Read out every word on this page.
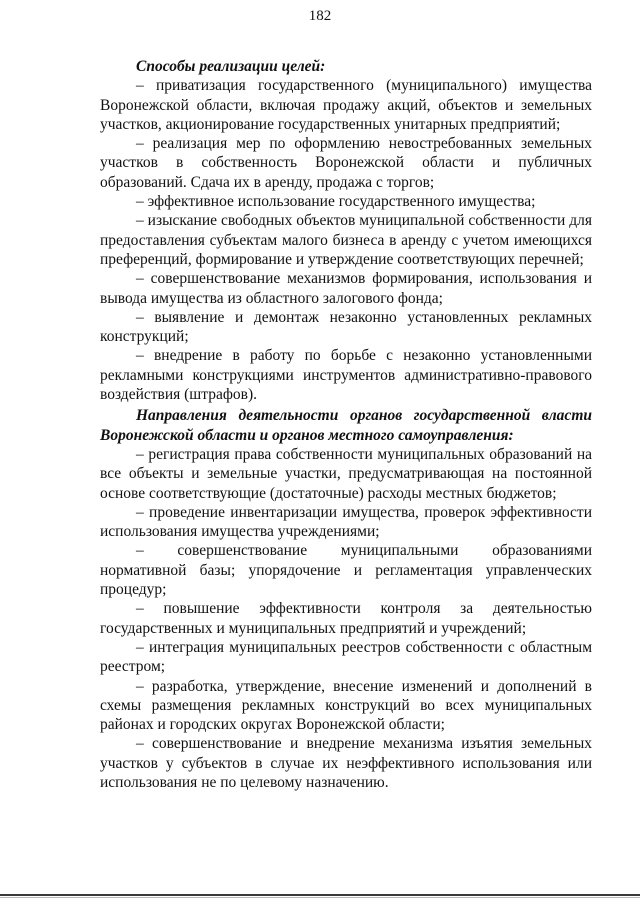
182

Способы реализации целей:

– приватизация государственного (муниципального) имущества Воронежской области, включая продажу акций, объектов и земельных участков, акционирование государственных унитарных предприятий;

– реализация мер по оформлению невостребованных земельных участков в собственность Воронежской области и публичных образований. Сдача их в аренду, продажа с торгов;

– эффективное использование государственного имущества;

– изыскание свободных объектов муниципальной собственности для предоставления субъектам малого бизнеса в аренду с учетом имеющихся преференций, формирование и утверждение соответствующих перечней;

– совершенствование механизмов формирования, использования и вывода имущества из областного залогового фонда;

– выявление и демонтаж незаконно установленных рекламных конструкций;

– внедрение в работу по борьбе с незаконно установленными рекламными конструкциями инструментов административно-правового воздействия (штрафов).

Направления деятельности органов государственной власти Воронежской области и органов местного самоуправления:

– регистрация права собственности муниципальных образований на все объекты и земельные участки, предусматривающая на постоянной основе соответствующие (достаточные) расходы местных бюджетов;

– проведение инвентаризации имущества, проверок эффективности использования имущества учреждениями;

– совершенствование муниципальными образованиями нормативной базы; упорядочение и регламентация управленческих процедур;

– повышение эффективности контроля за деятельностью государственных и муниципальных предприятий и учреждений;

– интеграция муниципальных реестров собственности с областным реестром;

– разработка, утверждение, внесение изменений и дополнений в схемы размещения рекламных конструкций во всех муниципальных районах и городских округах Воронежской области;

– совершенствование и внедрение механизма изъятия земельных участков у субъектов в случае их неэффективного использования или использования не по целевому назначению.
